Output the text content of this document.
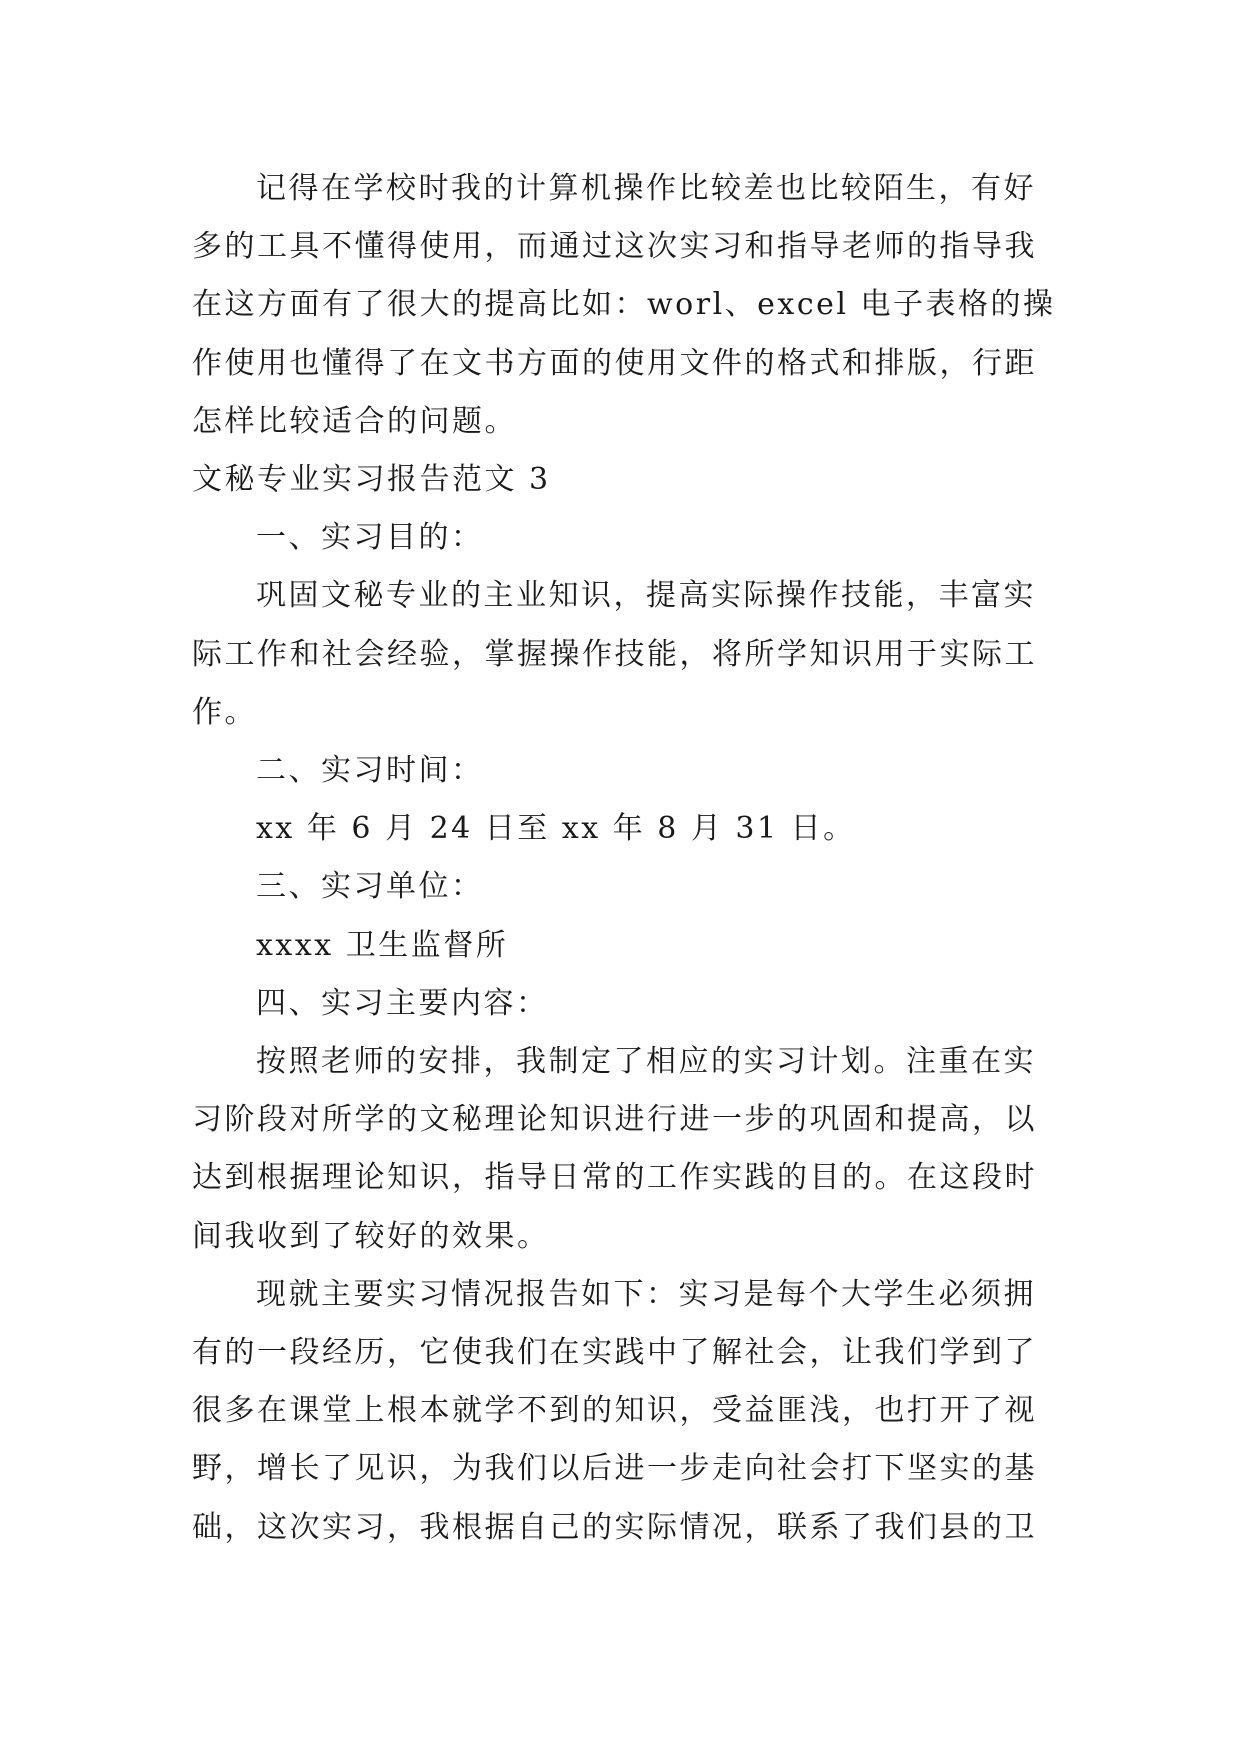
记得在学校时我的计算机操作比较差也比较陌生，有好
多的工具不懂得使用，而通过这次实习和指导老师的指导我
在这方面有了很大的提高比如：worl、excel 电子表格的操
作使用也懂得了在文书方面的使用文件的格式和排版，行距
怎样比较适合的问题。
文秘专业实习报告范文 3
一、实习目的：
巩固文秘专业的主业知识，提高实际操作技能，丰富实
际工作和社会经验，掌握操作技能，将所学知识用于实际工
作。
二、实习时间：
xx 年 6 月 24 日至 xx 年 8 月 31 日。
三、实习单位：
xxxx 卫生监督所
四、实习主要内容：
按照老师的安排，我制定了相应的实习计划。注重在实
习阶段对所学的文秘理论知识进行进一步的巩固和提高，以
达到根据理论知识，指导日常的工作实践的目的。在这段时
间我收到了较好的效果。
现就主要实习情况报告如下：实习是每个大学生必须拥
有的一段经历，它使我们在实践中了解社会，让我们学到了
很多在课堂上根本就学不到的知识，受益匪浅，也打开了视
野，增长了见识，为我们以后进一步走向社会打下坚实的基
础，这次实习，我根据自己的实际情况，联系了我们县的卫
